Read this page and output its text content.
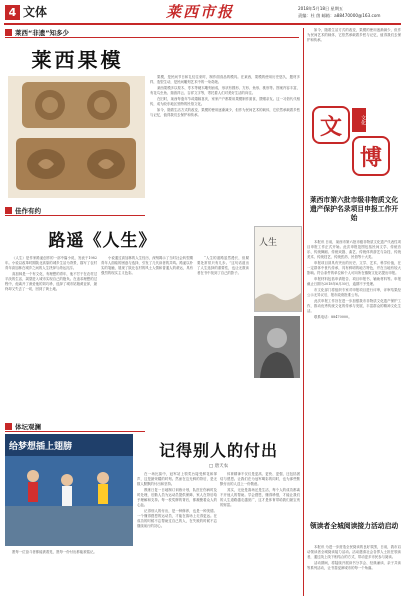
4 文体	莱西市报	2018年5月18日 星期五
责编：杜 茵 邮箱：a88470000@163.com
莱西“非遗”知多少
莱西果模

果模，是民间节日和礼仪往来时，制作面食品的模具。在莱西，果模的使用历史悠久，题材多样，造型生动，是民间雕刻艺术中的一朵奇葩。

莱西果模多以梨木、枣木等硬木雕刻而成，形状有圆形、方形、鱼形、桃形等。图案内容丰富，有花鸟虫鱼、瑞兽祥云、吉祥文字等，寄托着人们对美好生活的向往。

在旧时，莱西每逢年节或婚嫁喜庆，家家户户都要用果模制作面食，馈赠亲友。这一习俗代代相传，成为胶东地区独特的民俗文化。

如今，随着生活方式的改变，果模的使用逐渐减少，但作为民间艺术的载体，它依然承载着乡愁与记忆，值得我们去保护和传承。

佳作有约
路遥《人生》

《人生》是作家路遥创作的一部中篇小说，发表于1982年。小说以改革时期陕北高原的城乡生活为背景，描写了农村青年高加林在城乡之间的人生抉择与命运沉浮。

高加林是一个有文化、有理想的青年，他不甘于在农村过平淡的生活，渴望进入城市实现自己的抱负。在追求理想的过程中，他离开了深爱他的刘巧珍，选择了城市姑娘黄亚萍，最终却又失去了一切，回到了黄土地。

小说通过高加林的人生经历，深刻揭示了当时社会转型期青年人面临的困惑与选择，引发了几代读者的共鸣。路遥以朴实的笔触，展现了陕北农村的风土人情和普通人的命运，具有强烈的现实主义色彩。

“人生的道路虽然漫长，但紧要处常常只有几步。”这句话道出了人生选择的重要性，也让无数读者在书中找到了自己的影子。

人生
体坛观澜
给梦想插上翅膀

愿每一位奋斗者都能被看见，愿每一份付出都能被铭记。

记得别人的付出
□ 唐天农

在一场比赛中，冠军站上领奖台接受鲜花和掌声，这是最荣耀的时刻。然而在这光鲜的背后，是无数人默默的付出和坚持。

教练日复一日地制订训练计划，队医在伤病时及时处理，后勤人员为运动员提供保障，家人在背后给予理解和支持。每一枚奖牌的背后，都凝聚着众人的心血。

记得别人的付出，是一种修养，也是一种美德。一个懂得感恩的运动员，才能在赛场上走得更远。在成功的时候不忘帮助过自己的人，在失败的时候不忘继续前行的初心。

体育精神不仅仅是更高、更快、更强，还包括团结与感恩。让我们在为冠军喝彩的同时，也为那些默默付出的人送上一份敬意。

其实，无论是赛场还是生活，每个人的成功都离不开他人的帮助。学会感恩，懂得珍惜，才能让我们的人生道路越走越宽广，这才是体育带给我们最宝贵的财富。

如今，随着生活方式的改变，果模的使用逐渐减少，但作为民间艺术的载体，它依然承载着乡愁与记忆，值得我们去保护和传承。

文	文化
博
莱西市第六批市级非物质文化遗产保护名录项目申报工作开始

本报讯 日前，莱西市第六批市级非物质文化遗产代表性项目申报工作正式开始。此次申报范围包括民间文学、传统音乐、传统舞蹈、传统戏剧、曲艺、传统体育游艺与杂技、传统美术、传统技艺、传统医药、民俗等十大类。

申报项目须具有突出的历史、文学、艺术、科学价值，在一定群体中世代传承，具有鲜明的地方特色，并在当地有较大影响。符合条件的单位和个人可向所在镇街文化站提出申报。

申报材料包括申请报告、项目申报书、辅助材料等。申报截止日期为2018年6月30日，逾期不予受理。

市文化部门将组织专家对申报项目进行评审，评审结果经公示无异议后，报市政府批准公布。

此次申报工作旨在进一步加强我市非物质文化遗产保护工作，推动优秀传统文化的传承与发展，丰富群众的精神文化生活。

联系电话：88470000。

领读者全城阅读接力活动启动

本报讯 为进一步营造全民阅读的良好氛围，日前，我市启动领读者全城阅读接力活动。活动邀请社会各界人士担任领读者，通过线上线下相结合的方式，带动更多市民参与阅读。

活动期间，将陆续开展读书分享会、经典诵读、亲子共读等系列活动，让书香浸润城市的每一个角落。
